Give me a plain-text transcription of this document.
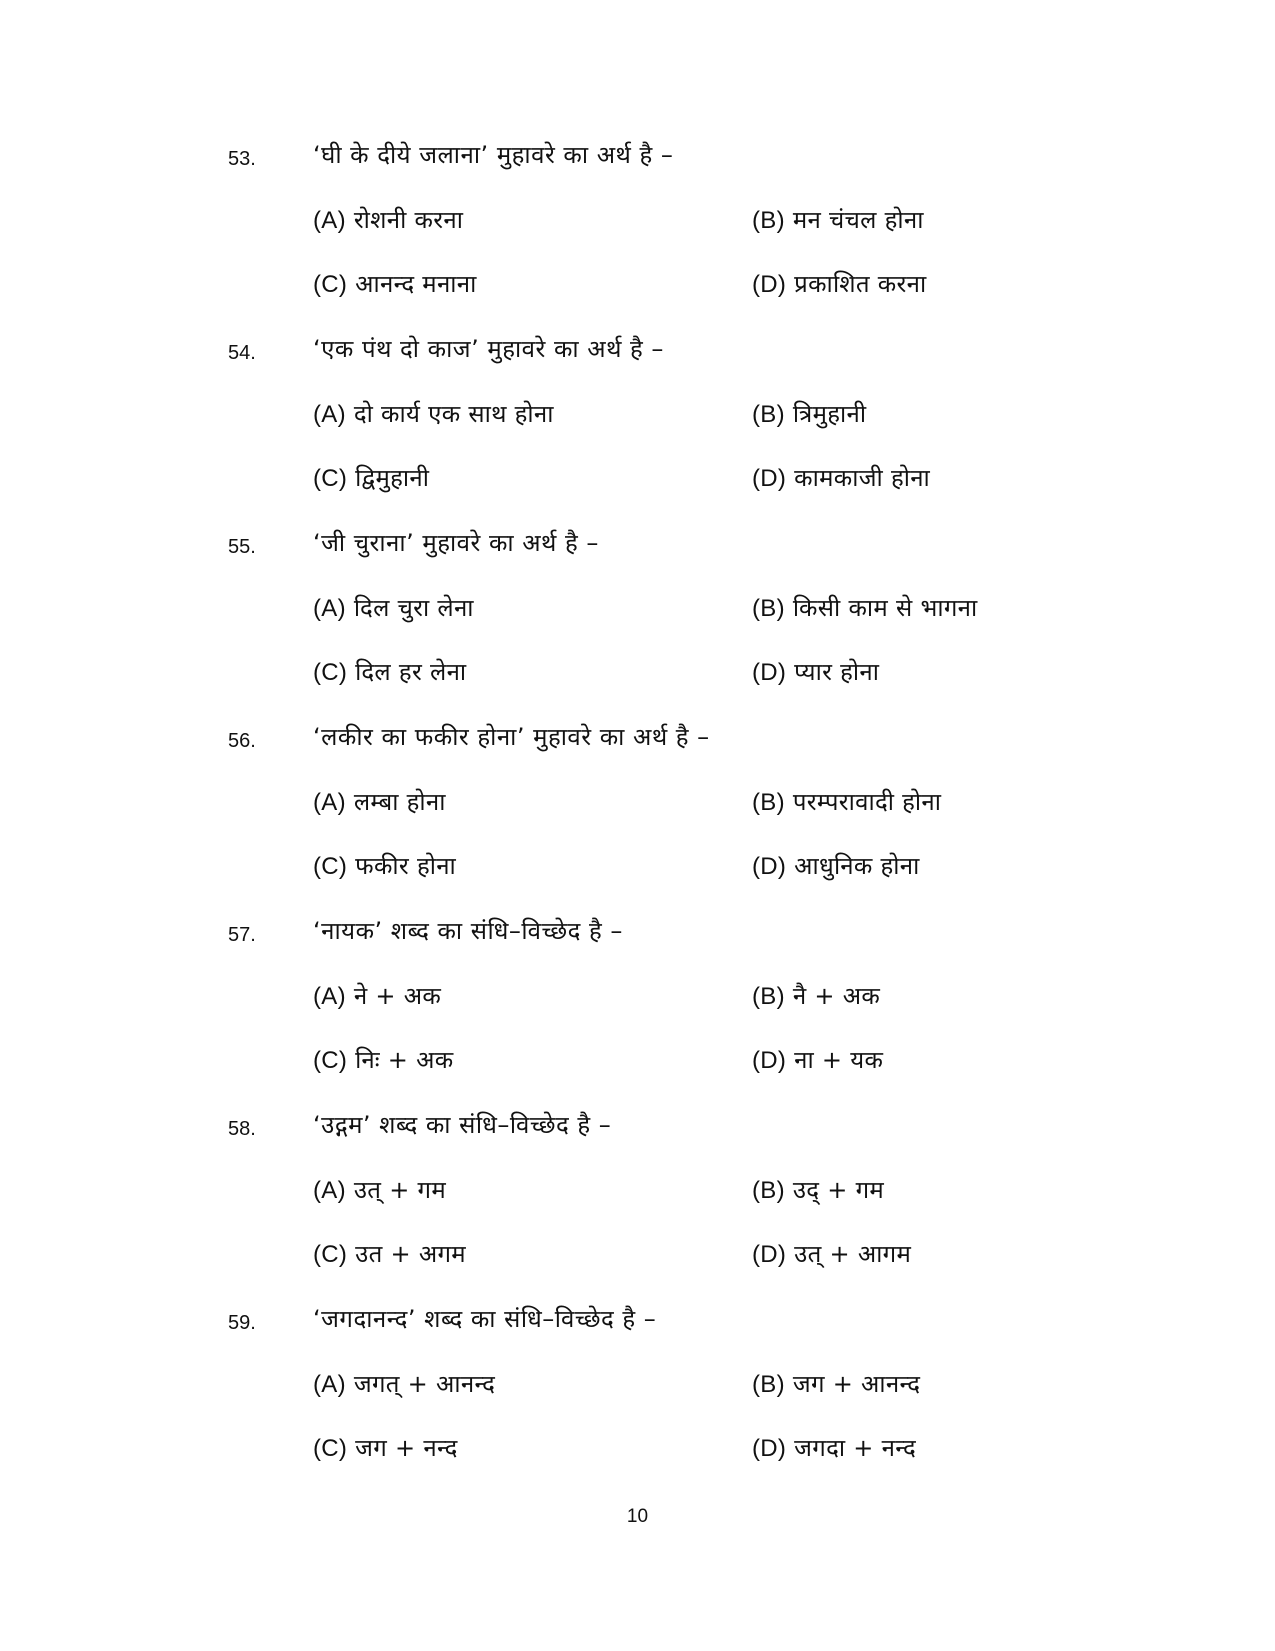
53. ‘घी के दीये जलाना’ मुहावरे का अर्थ है –
(A) रोशनी करना	(B) मन चंचल होना
(C) आनन्द मनाना	(D) प्रकाशित करना
54. ‘एक पंथ दो काज’ मुहावरे का अर्थ है –
(A) दो कार्य एक साथ होना	(B) त्रिमुहानी
(C) द्विमुहानी	(D) कामकाजी होना
55. ‘जी चुराना’ मुहावरे का अर्थ है –
(A) दिल चुरा लेना	(B) किसी काम से भागना
(C) दिल हर लेना	(D) प्यार होना
56. ‘लकीर का फकीर होना’ मुहावरे का अर्थ है –
(A) लम्बा होना	(B) परम्परावादी होना
(C) फकीर होना	(D) आधुनिक होना
57. ‘नायक’ शब्द का संधि–विच्छेद है –
(A) ने + अक	(B) नै + अक
(C) निः + अक	(D) ना + यक
58. ‘उद्गम’ शब्द का संधि–विच्छेद है –
(A) उत् + गम	(B) उद् + गम
(C) उत + अगम	(D) उत् + आगम
59. ‘जगदानन्द’ शब्द का संधि–विच्छेद है –
(A) जगत् + आनन्द	(B) जग + आनन्द
(C) जग + नन्द	(D) जगदा + नन्द
10
